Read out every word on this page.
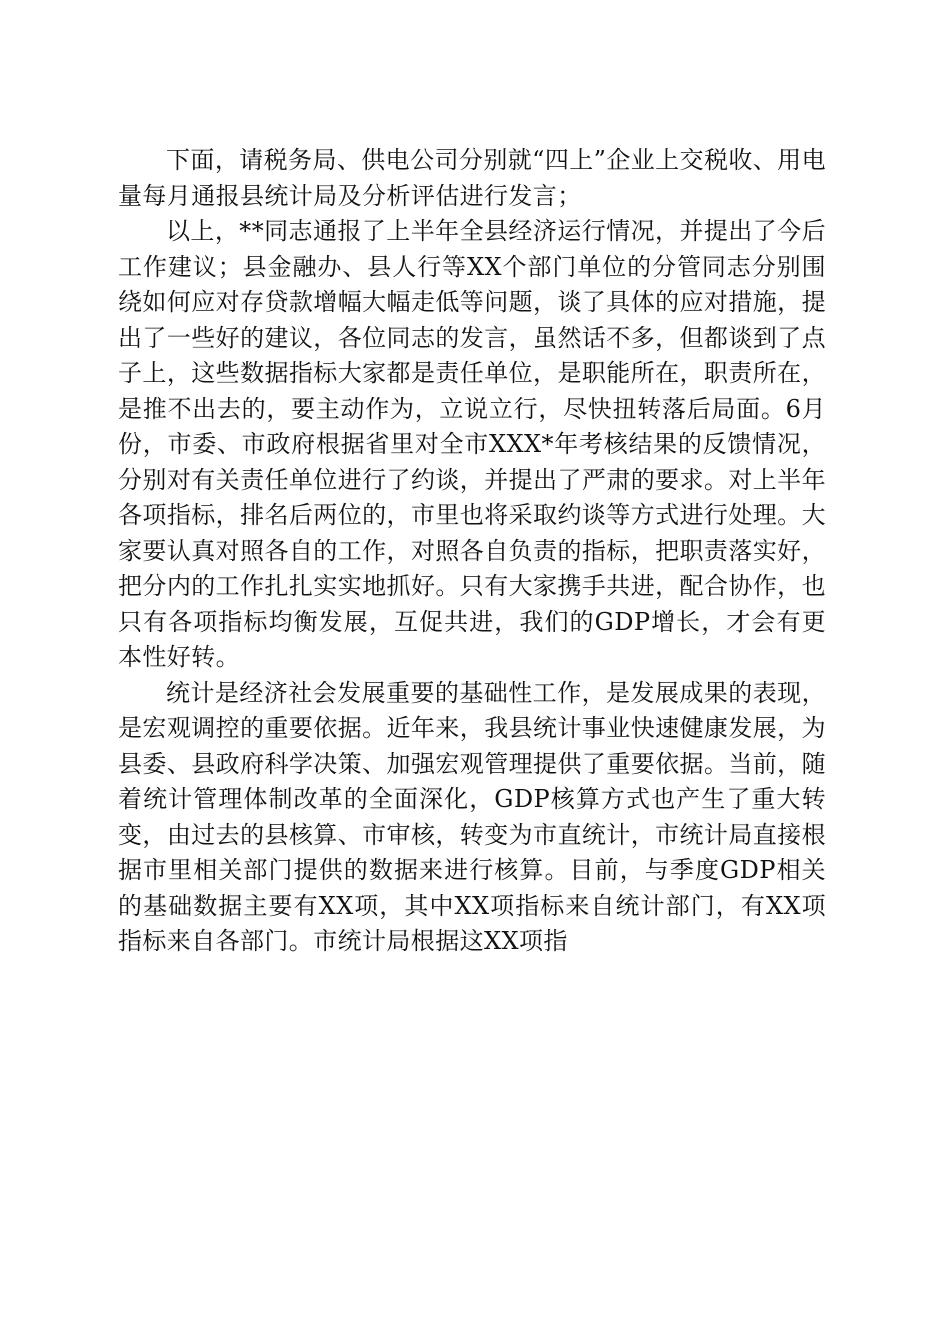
下面，请税务局、供电公司分别就“四上”企业上交税收、用电量每月通报县统计局及分析评估进行发言；

以上，**同志通报了上半年全县经济运行情况，并提出了今后工作建议；县金融办、县人行等XX个部门单位的分管同志分别围绕如何应对存贷款增幅大幅走低等问题，谈了具体的应对措施，提出了一些好的建议，各位同志的发言，虽然话不多，但都谈到了点子上，这些数据指标大家都是责任单位，是职能所在，职责所在，是推不出去的，要主动作为，立说立行，尽快扭转落后局面。6月份，市委、市政府根据省里对全市XXX*年考核结果的反馈情况，分别对有关责任单位进行了约谈，并提出了严肃的要求。对上半年各项指标，排名后两位的，市里也将采取约谈等方式进行处理。大家要认真对照各自的工作，对照各自负责的指标，把职责落实好，把分内的工作扎扎实实地抓好。只有大家携手共进，配合协作，也只有各项指标均衡发展，互促共进，我们的GDP增长，才会有更本性好转。

统计是经济社会发展重要的基础性工作，是发展成果的表现，是宏观调控的重要依据。近年来，我县统计事业快速健康发展，为县委、县政府科学决策、加强宏观管理提供了重要依据。当前，随着统计管理体制改革的全面深化，GDP核算方式也产生了重大转变，由过去的县核算、市审核，转变为市直统计，市统计局直接根据市里相关部门提供的数据来进行核算。目前，与季度GDP相关的基础数据主要有XX项，其中XX项指标来自统计部门，有XX项指标来自各部门。市统计局根据这XX项指
